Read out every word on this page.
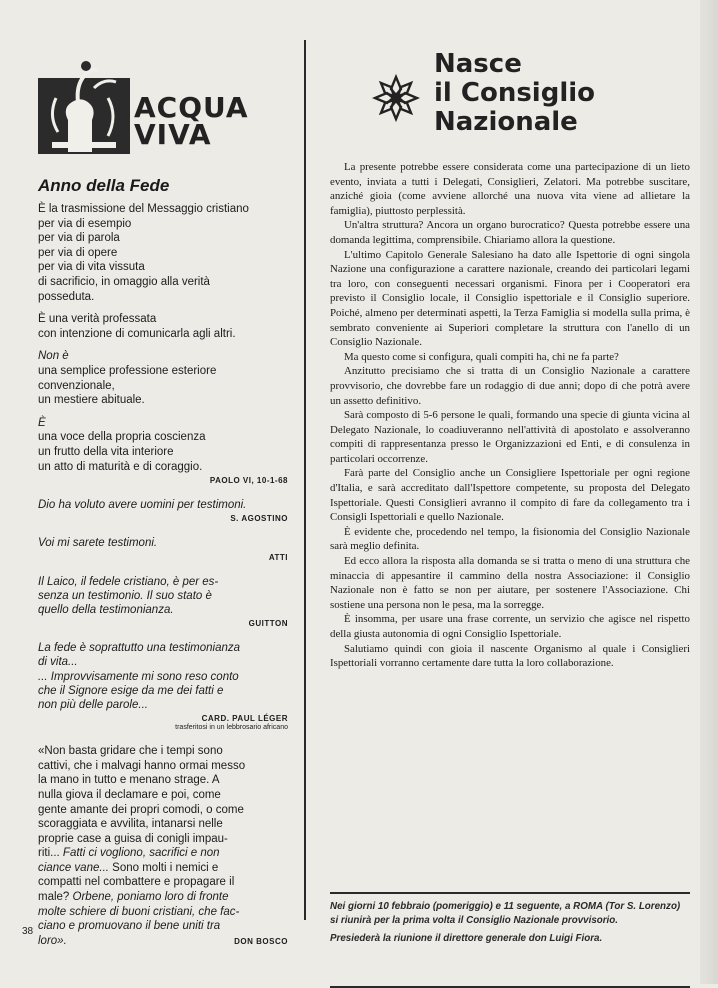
ACQUA
VIVA
Anno della Fede

È la trasmissione del Messaggio cristiano

per via di esempio

per via di parola

per via di opere

per via di vita vissuta

di sacrificio, in omaggio alla verità

posseduta.

È una verità professata

con intenzione di comunicarla agli altri.

Non è

una semplice professione esteriore

convenzionale,

un mestiere abituale.

È

una voce della propria coscienza

un frutto della vita interiore

un atto di maturità e di coraggio.

PAOLO VI, 10-1-68

Dio ha voluto avere uomini per testimoni.

S. AGOSTINO

Voi mi sarete testimoni.

ATTI

Il Laico, il fedele cristiano, è per es-

senza un testimonio. Il suo stato è

quello della testimonianza.

GUITTON

La fede è soprattutto una testimonianza

di vita...

... Improvvisamente mi sono reso conto

che il Signore esige da me dei fatti e

non più delle parole...

CARD. PAUL LÉGER

trasferitosi in un lebbrosario africano

«Non basta gridare che i tempi sono

cattivi, che i malvagi hanno ormai messo

la mano in tutto e menano strage. A

nulla giova il declamare e poi, come

gente amante dei propri comodi, o come

scoraggiata e avvilita, intanarsi nelle

proprie case a guisa di conigli impau-

riti... Fatti ci vogliono, sacrifici e non

ciance vane... Sono molti i nemici e

compatti nel combattere e propagare il

male? Orbene, poniamo loro di fronte

molte schiere di buoni cristiani, che fac-

ciano e promuovano il bene uniti tra

loro».	DON BOSCO

38
Nasce
il Consiglio
Nazionale

La presente potrebbe essere considerata come una partecipazione di un lieto evento, inviata a tutti i Delegati, Consiglieri, Zelatori. Ma potrebbe suscitare, anziché gioia (come avviene allorché una nuova vita viene ad allietare la famiglia), piuttosto perplessità.

Un'altra struttura? Ancora un organo burocratico? Questa potrebbe essere una domanda legittima, comprensibile. Chiariamo allora la questione.

L'ultimo Capitolo Generale Salesiano ha dato alle Ispettorie di ogni singola Nazione una configurazione a carattere nazionale, creando dei particolari legami tra loro, con conseguenti necessari organismi. Finora per i Cooperatori era previsto il Consiglio locale, il Consiglio ispettoriale e il Consiglio superiore. Poiché, almeno per determinati aspetti, la Terza Famiglia si modella sulla prima, è sembrato conveniente ai Superiori completare la struttura con l'anello di un Consiglio Nazionale.

Ma questo come si configura, quali compiti ha, chi ne fa parte?

Anzitutto precisiamo che si tratta di un Consiglio Nazionale a carattere provvisorio, che dovrebbe fare un rodaggio di due anni; dopo di che potrà avere un assetto definitivo.

Sarà composto di 5-6 persone le quali, formando una specie di giunta vicina al Delegato Nazionale, lo coadiuveranno nell'attività di apostolato e assolveranno compiti di rappresentanza presso le Organizzazioni ed Enti, e di consulenza in particolari occorrenze.

Farà parte del Consiglio anche un Consigliere Ispettoriale per ogni regione d'Italia, e sarà accreditato dall'Ispettore competente, su proposta del Delegato Ispettoriale. Questi Consiglieri avranno il compito di fare da collegamento tra i Consigli Ispettoriali e quello Nazionale.

È evidente che, procedendo nel tempo, la fisionomia del Consiglio Nazionale sarà meglio definita.

Ed ecco allora la risposta alla domanda se si tratta o meno di una struttura che minaccia di appesantire il cammino della nostra Associazione: il Consiglio Nazionale non è fatto se non per aiutare, per sostenere l'Associazione. Chi sostiene una persona non le pesa, ma la sorregge.

È insomma, per usare una frase corrente, un servizio che agisce nel rispetto della giusta autonomia di ogni Consiglio Ispettoriale.

Salutiamo quindi con gioia il nascente Organismo al quale i Consiglieri Ispettoriali vorranno certamente dare tutta la loro collaborazione.

Nei giorni 10 febbraio (pomeriggio) e 11 seguente, a ROMA (Tor S. Lorenzo) si riunirà per la prima volta il Consiglio Nazionale provvisorio.
Presiederà la riunione il direttore generale don Luigi Fiora.
